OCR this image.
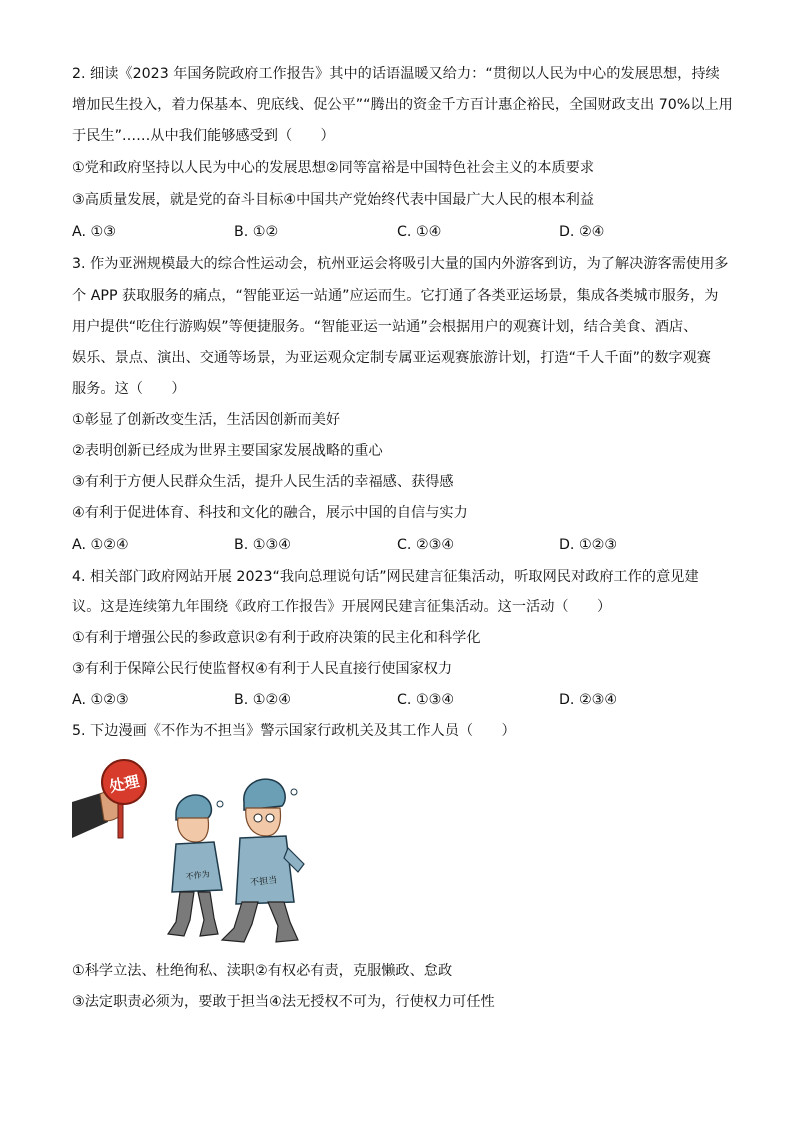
2. 细读《2023 年国务院政府工作报告》其中的话语温暖又给力：“贯彻以人民为中心的发展思想，持续
增加民生投入，着力保基本、兜底线、促公平”“腾出的资金千方百计惠企裕民，全国财政支出 70%以上用
于民生”……从中我们能够感受到（　　）
①党和政府坚持以人民为中心的发展思想②同等富裕是中国特色社会主义的本质要求
③高质量发展，就是党的奋斗目标④中国共产党始终代表中国最广大人民的根本利益
A. ①③	B. ①②	C. ①④	D. ②④
3. 作为亚洲规模最大的综合性运动会，杭州亚运会将吸引大量的国内外游客到访，为了解决游客需使用多
个 APP 获取服务的痛点，“智能亚运一站通”应运而生。它打通了各类亚运场景，集成各类城市服务，为
用户提供“吃住行游购娱”等便捷服务。“智能亚运一站通”会根据用户的观赛计划，结合美食、酒店、
娱乐、景点、演出、交通等场景，为亚运观众定制专属亚运观赛旅游计划，打造“千人千面”的数字观赛
服务。这（　　）
①彰显了创新改变生活，生活因创新而美好
②表明创新已经成为世界主要国家发展战略的重心
③有利于方便人民群众生活，提升人民生活的幸福感、获得感
④有利于促进体育、科技和文化的融合，展示中国的自信与实力
A. ①②④	B. ①③④	C. ②③④	D. ①②③
4. 相关部门政府网站开展 2023“我向总理说句话”网民建言征集活动，听取网民对政府工作的意见建
议。这是连续第九年围绕《政府工作报告》开展网民建言征集活动。这一活动（　　）
①有利于增强公民的参政意识②有利于政府决策的民主化和科学化
③有利于保障公民行使监督权④有利于人民直接行使国家权力
A. ①②③	B. ①②④	C. ①③④	D. ②③④
5. 下边漫画《不作为不担当》警示国家行政机关及其工作人员（　　）
处理
不作为
不担当
①科学立法、杜绝徇私、渎职②有权必有责，克服懒政、怠政
③法定职责必须为，要敢于担当④法无授权不可为，行使权力可任性
